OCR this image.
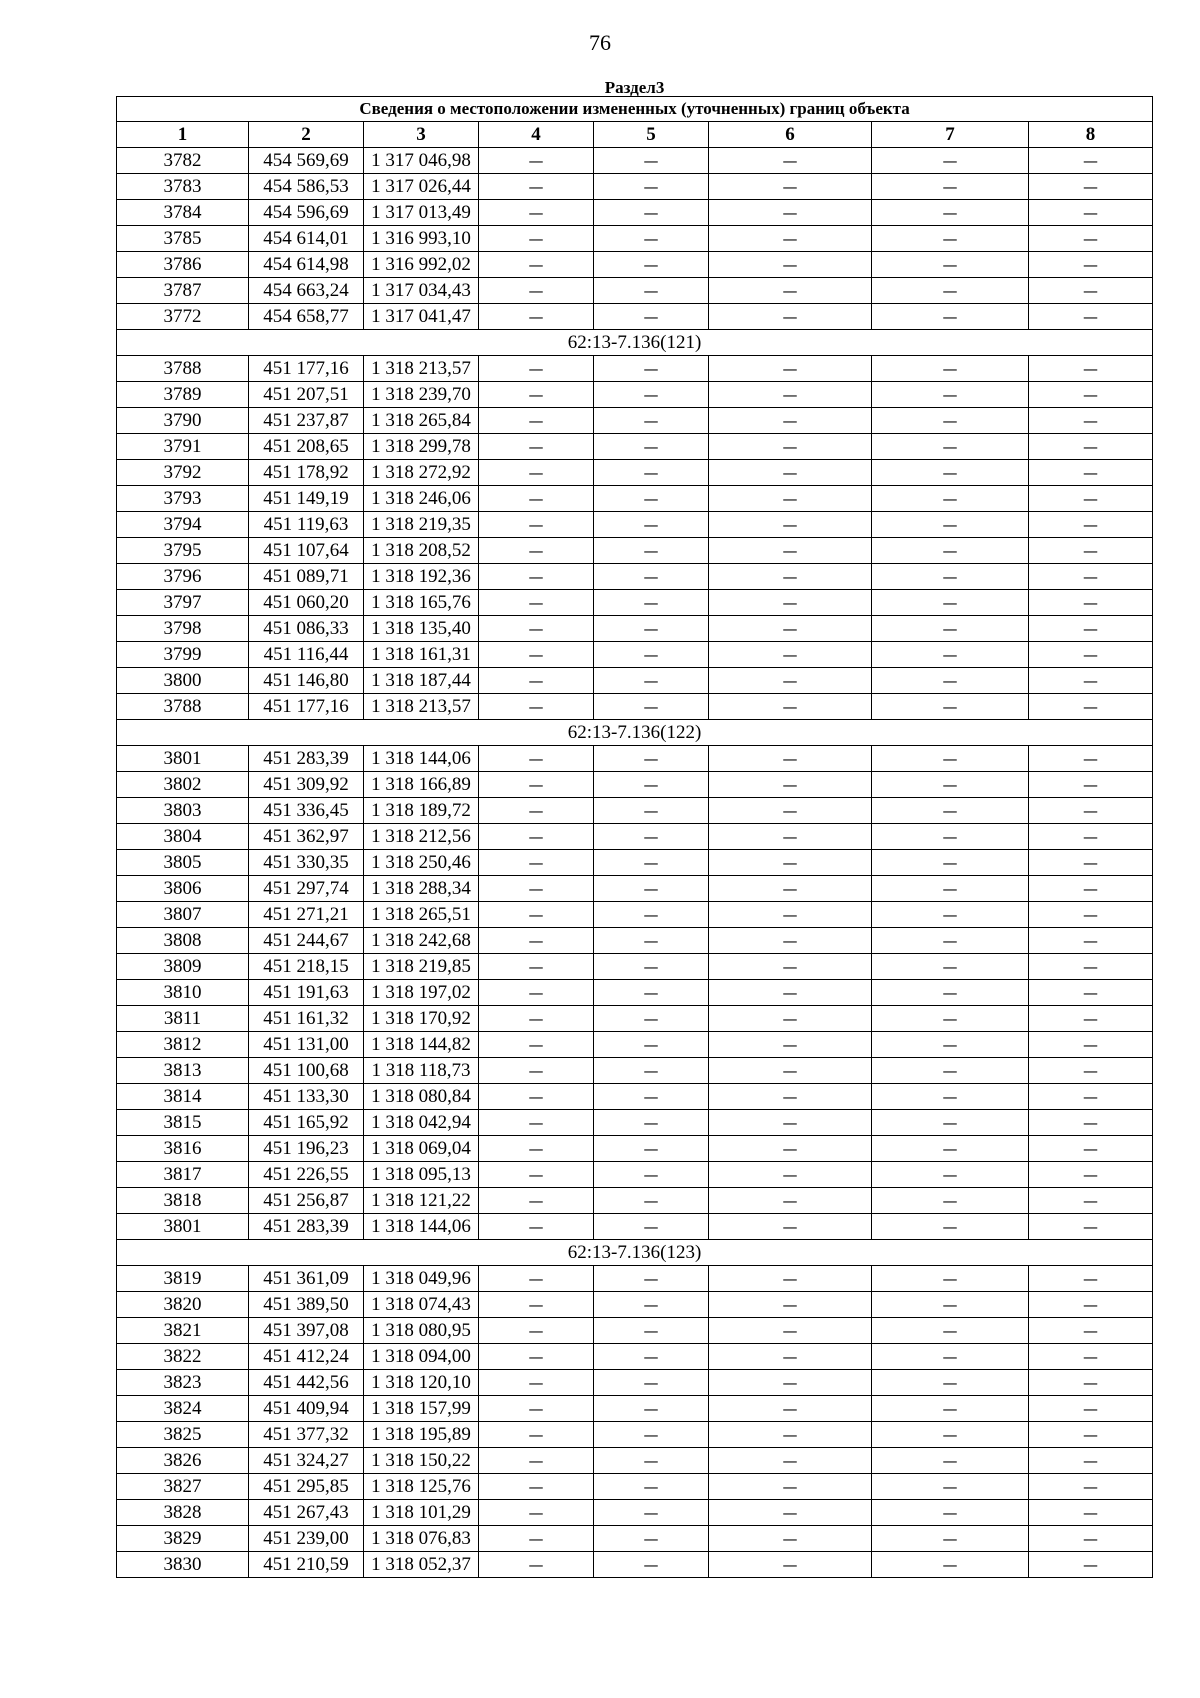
76
Раздел3							
Сведения о местоположении измененных (уточненных) границ объекта							
1	2	3	4	5	6	7	8
3782	454 569,69	1 317 046,98	—	—	—	—	—
3783	454 586,53	1 317 026,44	—	—	—	—	—
3784	454 596,69	1 317 013,49	—	—	—	—	—
3785	454 614,01	1 316 993,10	—	—	—	—	—
3786	454 614,98	1 316 992,02	—	—	—	—	—
3787	454 663,24	1 317 034,43	—	—	—	—	—
3772	454 658,77	1 317 041,47	—	—	—	—	—
62:13-7.136(121)							
3788	451 177,16	1 318 213,57	—	—	—	—	—
3789	451 207,51	1 318 239,70	—	—	—	—	—
3790	451 237,87	1 318 265,84	—	—	—	—	—
3791	451 208,65	1 318 299,78	—	—	—	—	—
3792	451 178,92	1 318 272,92	—	—	—	—	—
3793	451 149,19	1 318 246,06	—	—	—	—	—
3794	451 119,63	1 318 219,35	—	—	—	—	—
3795	451 107,64	1 318 208,52	—	—	—	—	—
3796	451 089,71	1 318 192,36	—	—	—	—	—
3797	451 060,20	1 318 165,76	—	—	—	—	—
3798	451 086,33	1 318 135,40	—	—	—	—	—
3799	451 116,44	1 318 161,31	—	—	—	—	—
3800	451 146,80	1 318 187,44	—	—	—	—	—
3788	451 177,16	1 318 213,57	—	—	—	—	—
62:13-7.136(122)							
3801	451 283,39	1 318 144,06	—	—	—	—	—
3802	451 309,92	1 318 166,89	—	—	—	—	—
3803	451 336,45	1 318 189,72	—	—	—	—	—
3804	451 362,97	1 318 212,56	—	—	—	—	—
3805	451 330,35	1 318 250,46	—	—	—	—	—
3806	451 297,74	1 318 288,34	—	—	—	—	—
3807	451 271,21	1 318 265,51	—	—	—	—	—
3808	451 244,67	1 318 242,68	—	—	—	—	—
3809	451 218,15	1 318 219,85	—	—	—	—	—
3810	451 191,63	1 318 197,02	—	—	—	—	—
3811	451 161,32	1 318 170,92	—	—	—	—	—
3812	451 131,00	1 318 144,82	—	—	—	—	—
3813	451 100,68	1 318 118,73	—	—	—	—	—
3814	451 133,30	1 318 080,84	—	—	—	—	—
3815	451 165,92	1 318 042,94	—	—	—	—	—
3816	451 196,23	1 318 069,04	—	—	—	—	—
3817	451 226,55	1 318 095,13	—	—	—	—	—
3818	451 256,87	1 318 121,22	—	—	—	—	—
3801	451 283,39	1 318 144,06	—	—	—	—	—
62:13-7.136(123)							
3819	451 361,09	1 318 049,96	—	—	—	—	—
3820	451 389,50	1 318 074,43	—	—	—	—	—
3821	451 397,08	1 318 080,95	—	—	—	—	—
3822	451 412,24	1 318 094,00	—	—	—	—	—
3823	451 442,56	1 318 120,10	—	—	—	—	—
3824	451 409,94	1 318 157,99	—	—	—	—	—
3825	451 377,32	1 318 195,89	—	—	—	—	—
3826	451 324,27	1 318 150,22	—	—	—	—	—
3827	451 295,85	1 318 125,76	—	—	—	—	—
3828	451 267,43	1 318 101,29	—	—	—	—	—
3829	451 239,00	1 318 076,83	—	—	—	—	—
3830	451 210,59	1 318 052,37	—	—	—	—	—
